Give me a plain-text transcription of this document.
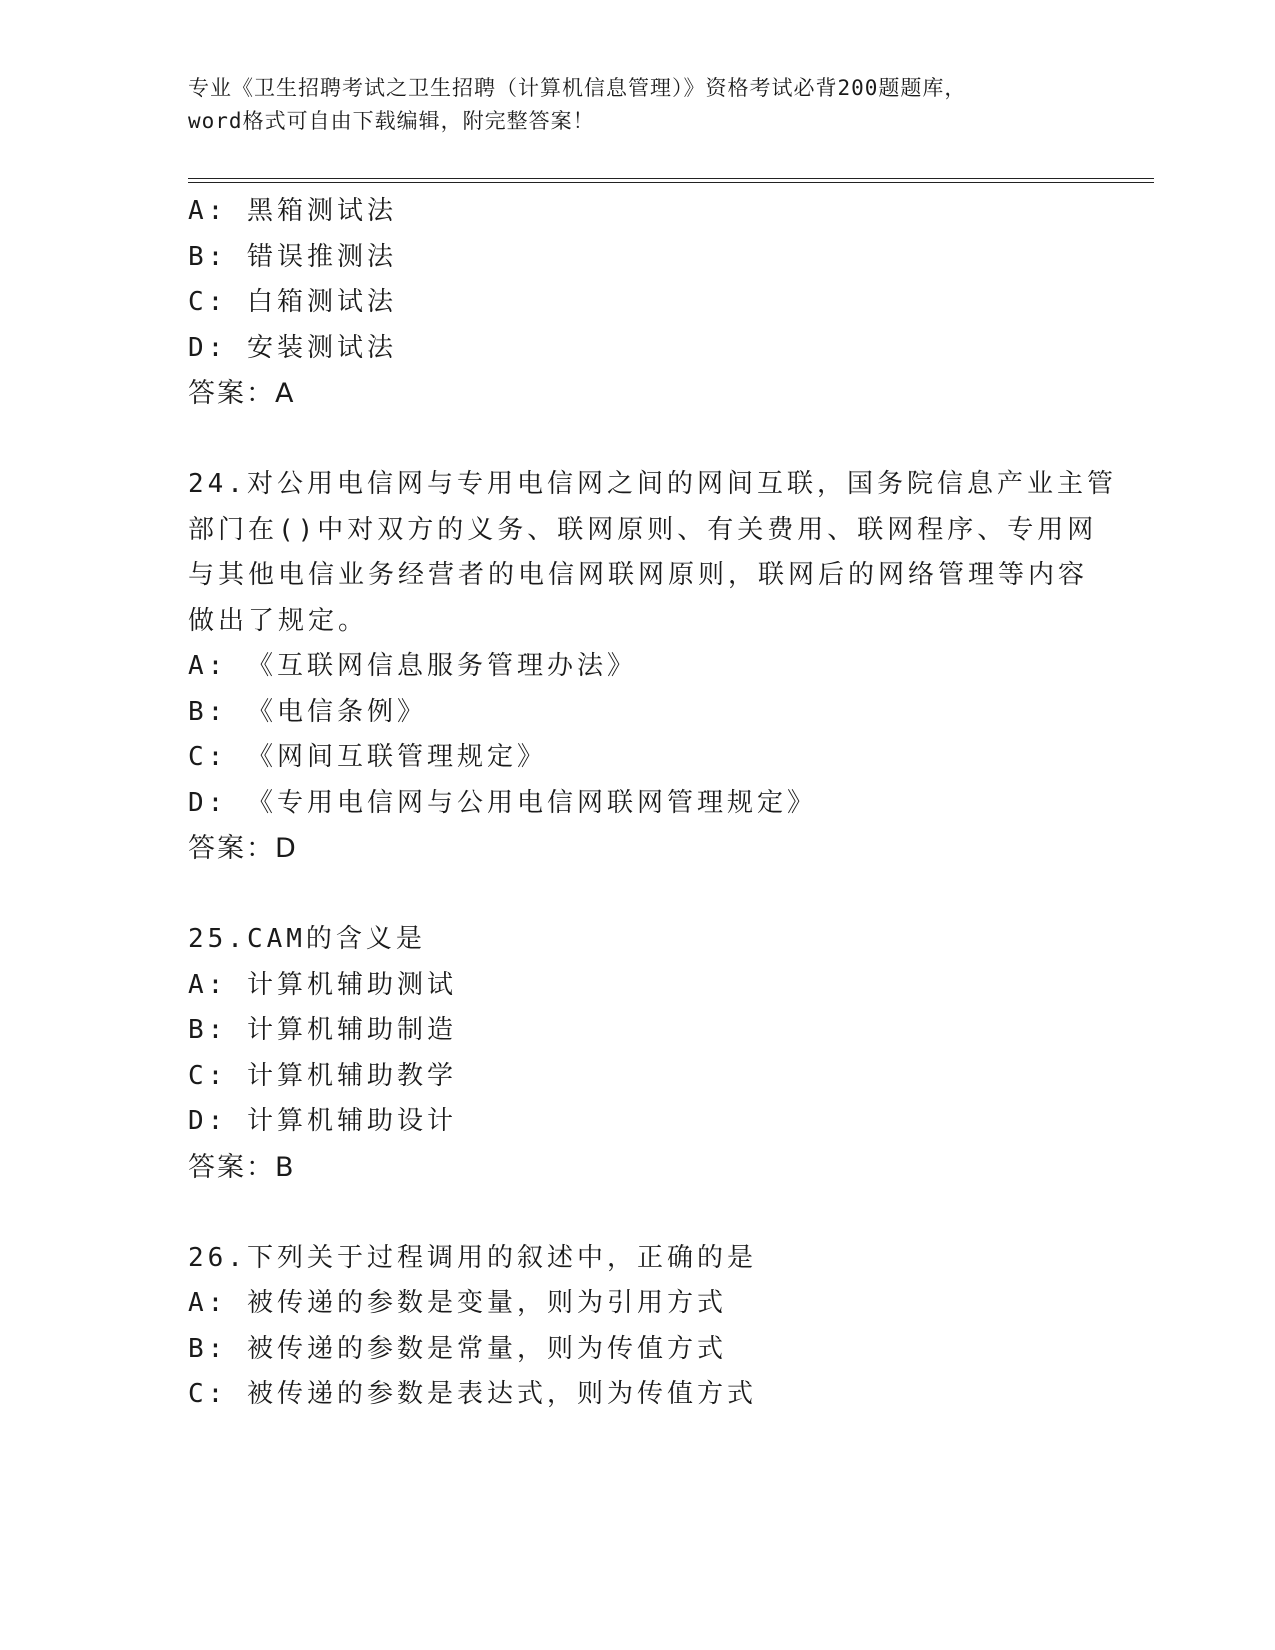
专业《卫生招聘考试之卫生招聘（计算机信息管理）》资格考试必背200题题库，
word格式可自由下载编辑，附完整答案！
A: 黑箱测试法
B: 错误推测法
C: 白箱测试法
D: 安装测试法
答案：A
24.对公用电信网与专用电信网之间的网间互联，国务院信息产业主管
部门在()中对双方的义务、联网原则、有关费用、联网程序、专用网
与其他电信业务经营者的电信网联网原则，联网后的网络管理等内容
做出了规定。
A: 《互联网信息服务管理办法》
B: 《电信条例》
C: 《网间互联管理规定》
D: 《专用电信网与公用电信网联网管理规定》
答案：D
25.CAM的含义是
A: 计算机辅助测试
B: 计算机辅助制造
C: 计算机辅助教学
D: 计算机辅助设计
答案：B
26.下列关于过程调用的叙述中，正确的是
A: 被传递的参数是变量，则为引用方式
B: 被传递的参数是常量，则为传值方式
C: 被传递的参数是表达式，则为传值方式
